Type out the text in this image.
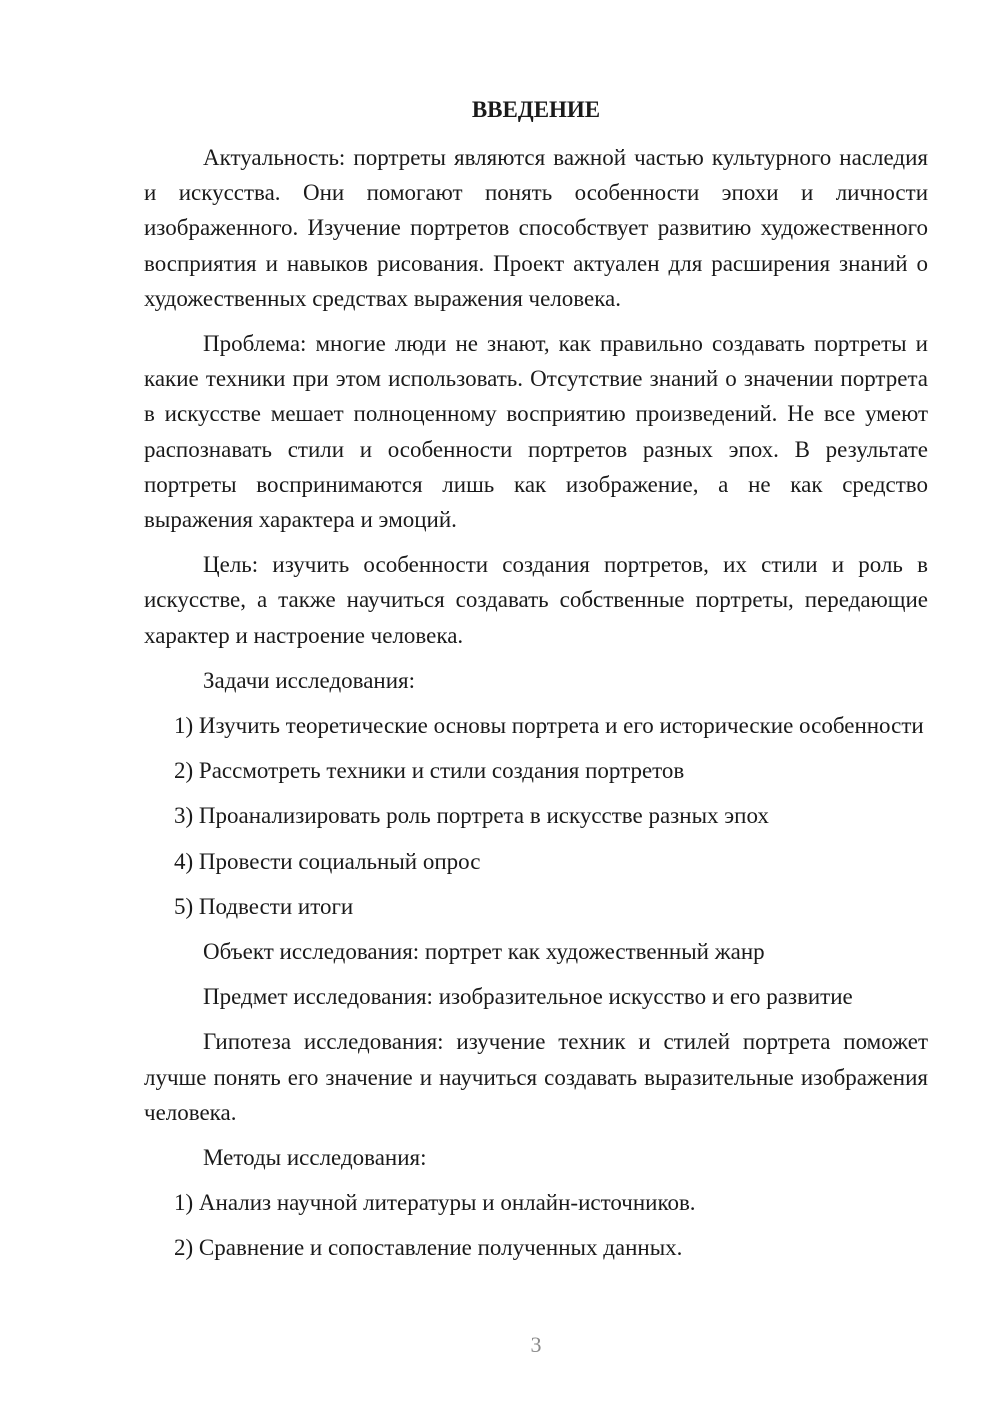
ВВЕДЕНИЕ

Актуальность: портреты являются важной частью культурного наследия и искусства. Они помогают понять особенности эпохи и личности изображенного. Изучение портретов способствует развитию художественного восприятия и навыков рисования. Проект актуален для расширения знаний о художественных средствах выражения человека.

Проблема: многие люди не знают, как правильно создавать портреты и какие техники при этом использовать. Отсутствие знаний о значении портрета в искусстве мешает полноценному восприятию произведений. Не все умеют распознавать стили и особенности портретов разных эпох. В результате портреты воспринимаются лишь как изображение, а не как средство выражения характера и эмоций.

Цель: изучить особенности создания портретов, их стили и роль в искусстве, а также научиться создавать собственные портреты, передающие характер и настроение человека.

Задачи исследования:

1) Изучить теоретические основы портрета и его исторические особенности

2) Рассмотреть техники и стили создания портретов

3) Проанализировать роль портрета в искусстве разных эпох

4) Провести социальный опрос

5) Подвести итоги

Объект исследования: портрет как художественный жанр

Предмет исследования: изобразительное искусство и его развитие

Гипотеза исследования: изучение техник и стилей портрета поможет лучше понять его значение и научиться создавать выразительные изображения человека.

Методы исследования:

1) Анализ научной литературы и онлайн-источников.

2) Сравнение и сопоставление полученных данных.

3
